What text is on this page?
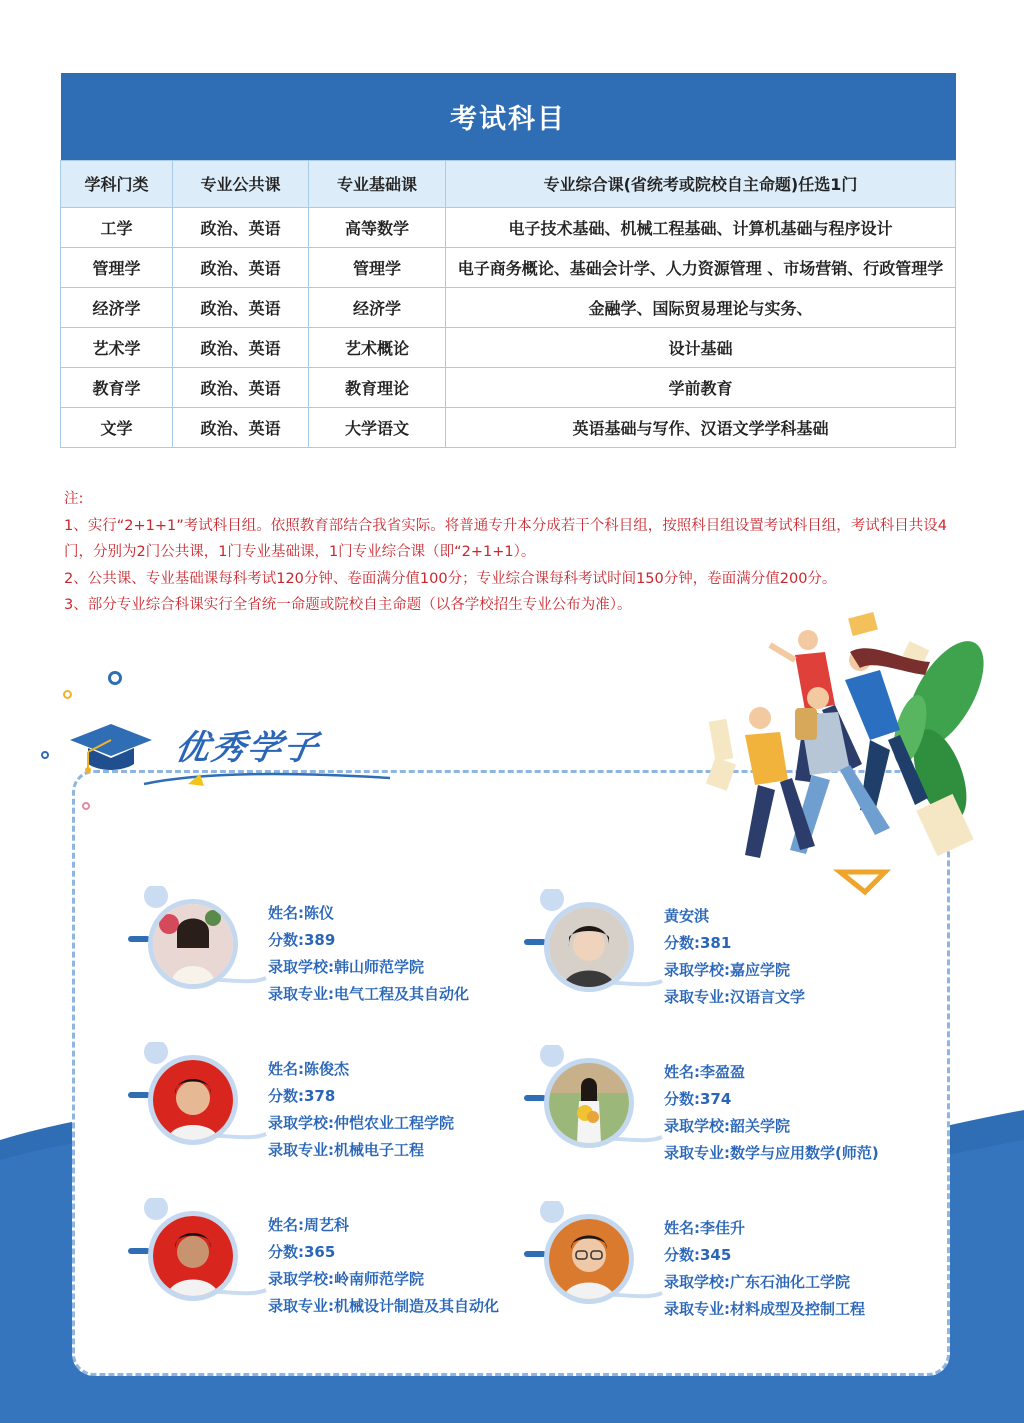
考试科目			
学科门类	专业公共课	专业基础课	专业综合课(省统考或院校自主命题)任选1门
工学	政治、英语	高等数学	电子技术基础、机械工程基础、计算机基础与程序设计
管理学	政治、英语	管理学	电子商务概论、基础会计学、人力资源管理 、市场营销、行政管理学
经济学	政治、英语	经济学	金融学、国际贸易理论与实务、
艺术学	政治、英语	艺术概论	设计基础
教育学	政治、英语	教育理论	学前教育
文学	政治、英语	大学语文	英语基础与写作、汉语文学学科基础
注:
1、实行“2+1+1”考试科目组。依照教育部结合我省实际。将普通专升本分成若干个科目组，按照科目组设置考试科目组，考试科目共设4门，分别为2门公共课，1门专业基础课，1门专业综合课（即“2+1+1）。
2、公共课、专业基础课每科考试120分钟、卷面满分值100分；专业综合课每科考试时间150分钟，卷面满分值200分。
3、部分专业综合科课实行全省统一命题或院校自主命题（以各学校招生专业公布为准）。
优秀学子
姓名:陈仪
分数:389
录取学校:韩山师范学院
录取专业:电气工程及其自动化
黄安淇
分数:381
录取学校:嘉应学院
录取专业:汉语言文学
姓名:陈俊杰
分数:378
录取学校:仲恺农业工程学院
录取专业:机械电子工程
姓名:李盈盈
分数:374
录取学校:韶关学院
录取专业:数学与应用数学(师范)
姓名:周艺科
分数:365
录取学校:岭南师范学院
录取专业:机械设计制造及其自动化
姓名:李佳升
分数:345
录取学校:广东石油化工学院
录取专业:材料成型及控制工程
